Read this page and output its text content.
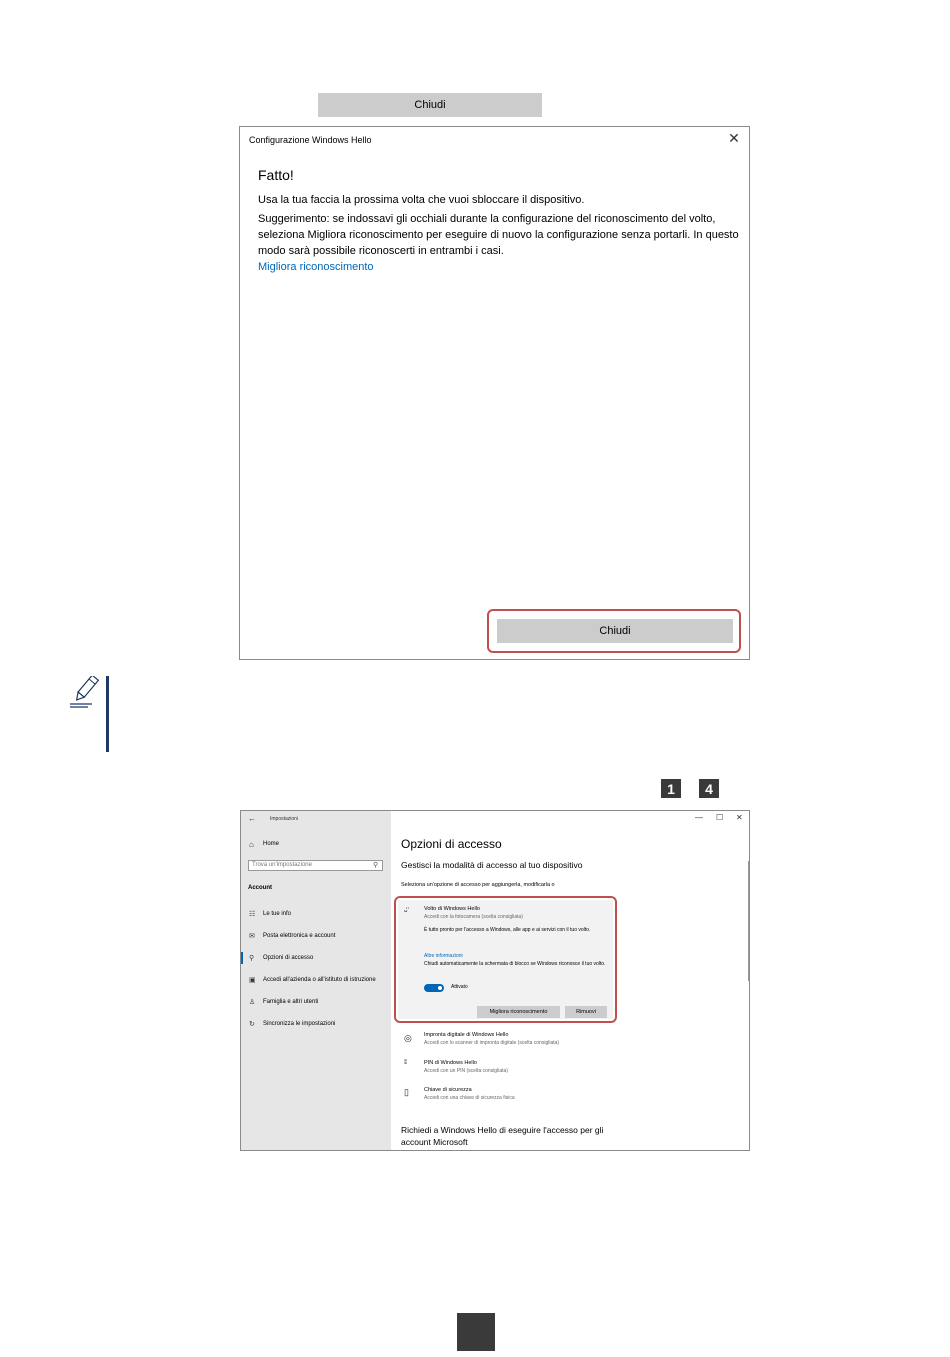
Chiudi
Configurazione Windows Hello	✕
Fatto!
Usa la tua faccia la prossima volta che vuoi sbloccare il dispositivo.
Suggerimento: se indossavi gli occhiali durante la configurazione del riconoscimento del volto, seleziona Migliora riconoscimento per eseguire di nuovo la configurazione senza portarli. In questo modo sarà possibile riconoscerti in entrambi i casi.
Migliora riconoscimento
Chiudi
1	4
←	Impostazioni
⌂ Home
Trova un'impostazione	⚲
Account
☷ Le tue info
✉ Posta elettronica e account
⚲ Opzioni di accesso
▣ Accedi all'azienda o all'istituto di istruzione
♙ Famiglia e altri utenti
↻ Sincronizza le impostazioni
— ☐ ✕
Opzioni di accesso
Gestisci la modalità di accesso al tuo dispositivo
Seleziona un'opzione di accesso per aggiungerla, modificarla o
ᵕ̈	Volto di Windows Hello
Accedi con la fotocamera (scelta consigliata)
È tutto pronto per l'accesso a Windows, alle app e ai servizi con il tuo volto.
Altre informazioni
Chiudi automaticamente la schermata di blocco se Windows riconosce il tuo volto.
Attivato
Migliora riconoscimento	Rimuovi
◎ Impronta digitale di Windows Hello
Accedi con lo scanner di impronta digitale (scelta consigliata)
⁞⁞⁞	PIN di Windows Hello
Accedi con un PIN (scelta consigliata)
▯	Chiave di sicurezza
Accedi con una chiave di sicurezza fisica
Richiedi a Windows Hello di eseguire l'accesso per gli account Microsoft
